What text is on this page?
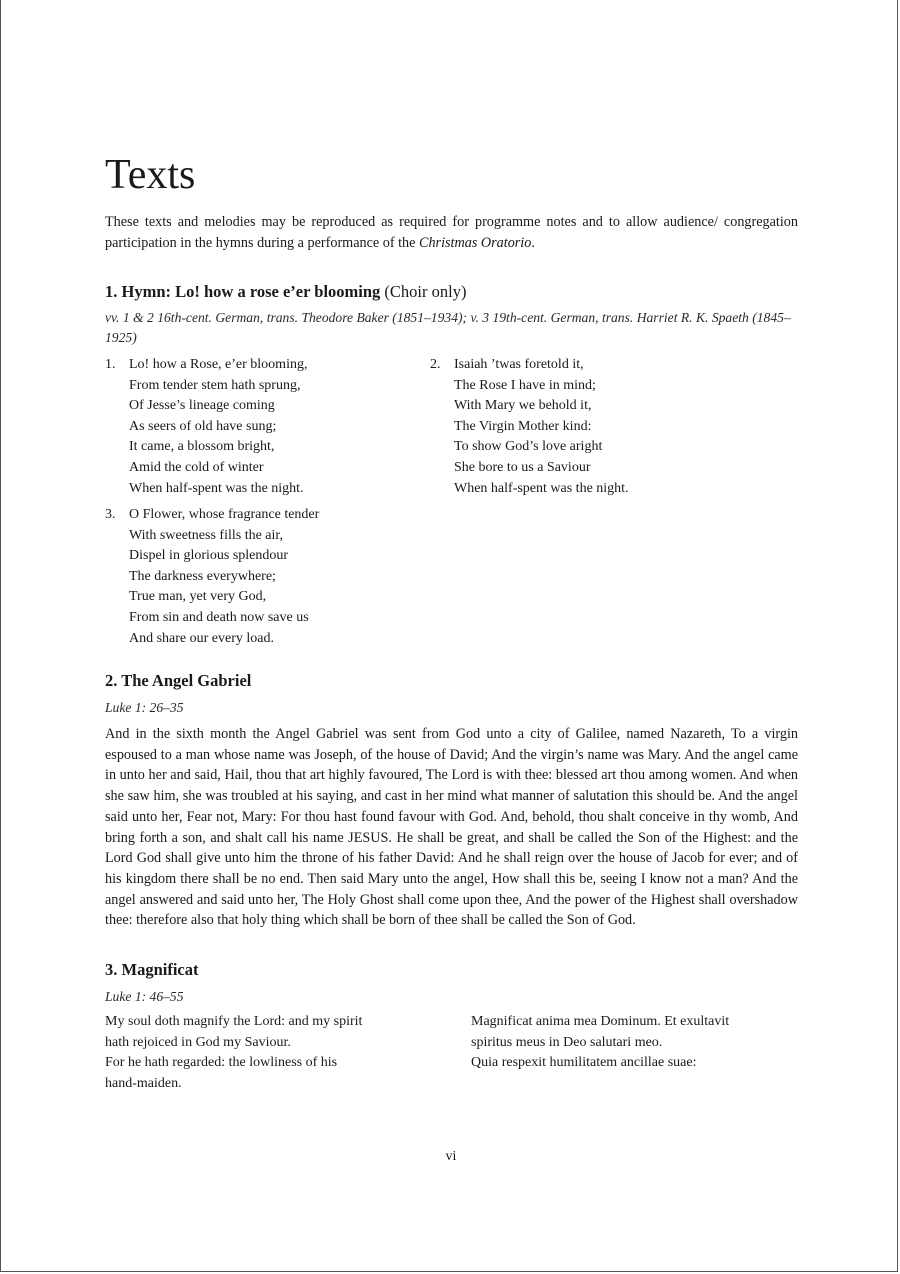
Texts

These texts and melodies may be reproduced as required for programme notes and to allow audience/ congregation participation in the hymns during a performance of the Christmas Oratorio.

1. Hymn: Lo! how a rose e’er blooming (Choir only)

vv. 1 & 2 16th-cent. German, trans. Theodore Baker (1851–1934); v. 3 19th-cent. German, trans. Harriet R. K. Spaeth (1845–1925)

1. Lo! how a Rose, e’er blooming,
From tender stem hath sprung,
Of Jesse’s lineage coming
As seers of old have sung;
It came, a blossom bright,
Amid the cold of winter
When half-spent was the night.
2. Isaiah ’twas foretold it,
The Rose I have in mind;
With Mary we behold it,
The Virgin Mother kind:
To show God’s love aright
She bore to us a Saviour
When half-spent was the night.
3. O Flower, whose fragrance tender
With sweetness fills the air,
Dispel in glorious splendour
The darkness everywhere;
True man, yet very God,
From sin and death now save us
And share our every load.

2. The Angel Gabriel

Luke 1: 26–35

And in the sixth month the Angel Gabriel was sent from God unto a city of Galilee, named Nazareth, To a virgin espoused to a man whose name was Joseph, of the house of David; And the virgin’s name was Mary. And the angel came in unto her and said, Hail, thou that art highly favoured, The Lord is with thee: blessed art thou among women. And when she saw him, she was troubled at his saying, and cast in her mind what manner of salutation this should be. And the angel said unto her, Fear not, Mary: For thou hast found favour with God. And, behold, thou shalt conceive in thy womb, And bring forth a son, and shalt call his name JESUS. He shall be great, and shall be called the Son of the Highest: and the Lord God shall give unto him the throne of his father David: And he shall reign over the house of Jacob for ever; and of his kingdom there shall be no end. Then said Mary unto the angel, How shall this be, seeing I know not a man? And the angel answered and said unto her, The Holy Ghost shall come upon thee, And the power of the Highest shall overshadow thee: therefore also that holy thing which shall be born of thee shall be called the Son of God.

3. Magnificat

Luke 1: 46–55

My soul doth magnify the Lord: and my spirit
hath rejoiced in God my Saviour.
For he hath regarded: the lowliness of his
hand-maiden.
Magnificat anima mea Dominum. Et exultavit
spiritus meus in Deo salutari meo.
Quia respexit humilitatem ancillae suae:
vi
